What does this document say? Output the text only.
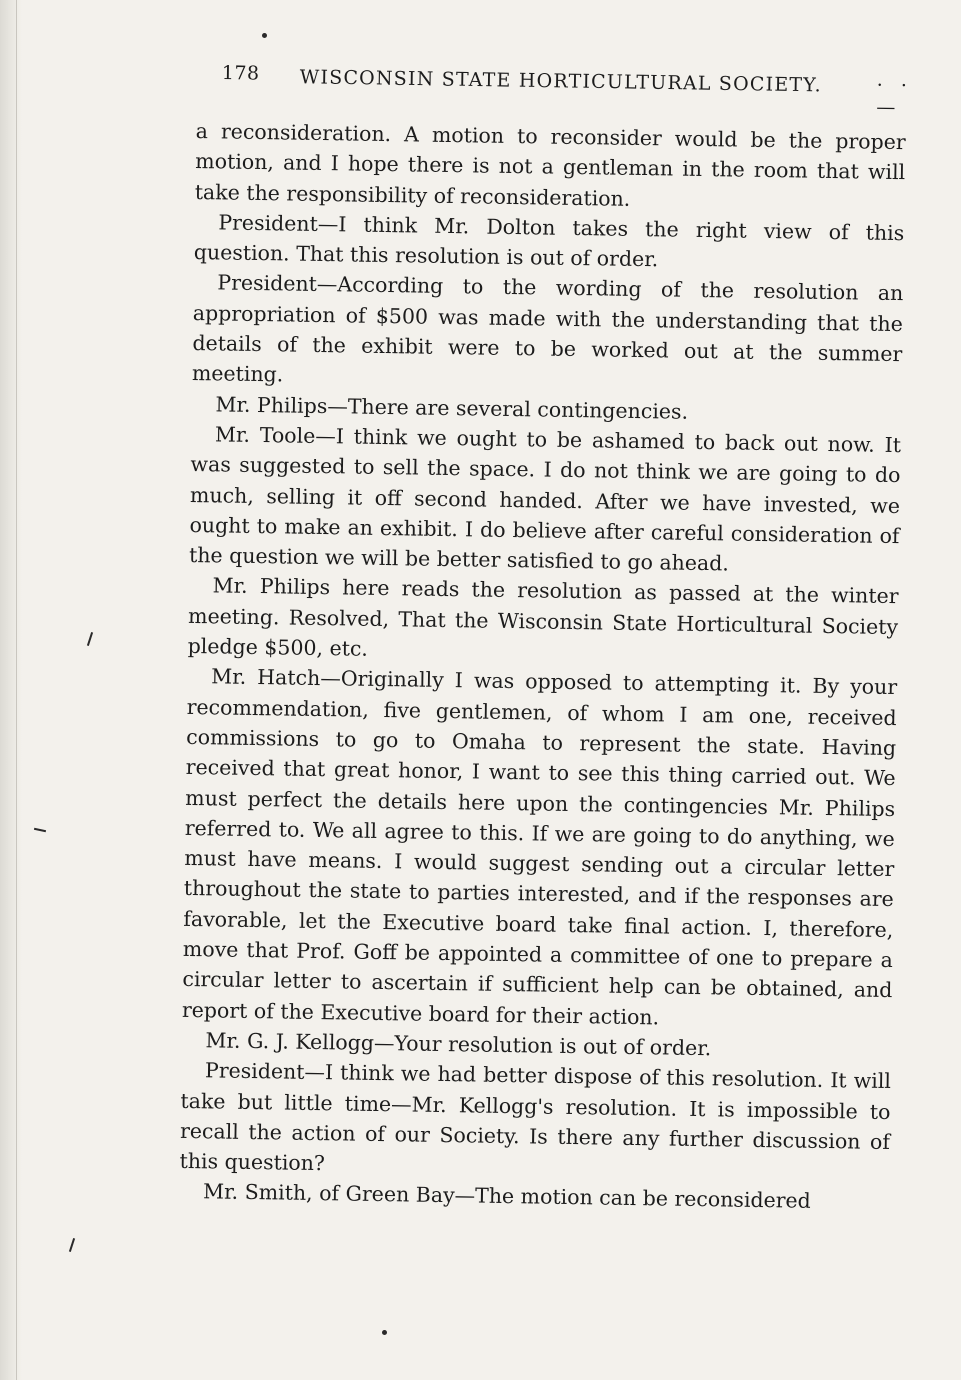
178 WISCONSIN STATE HORTICULTURAL SOCIETY.	· · —

a reconsideration. A motion to reconsider would be the proper motion, and I hope there is not a gentleman in the room that will take the responsibility of reconsideration.

President—I think Mr. Dolton takes the right view of this question. That this resolution is out of order.

President—According to the wording of the resolution an appropriation of $500 was made with the understanding that the details of the exhibit were to be worked out at the summer meeting.

Mr. Philips—There are several contingencies.

Mr. Toole—I think we ought to be ashamed to back out now. It was suggested to sell the space. I do not think we are going to do much, selling it off second handed. After we have invested, we ought to make an exhibit. I do believe after careful consideration of the question we will be better satisfied to go ahead.

Mr. Philips here reads the resolution as passed at the winter meeting. Resolved, That the Wisconsin State Horticultural Society pledge $500, etc.

Mr. Hatch—Originally I was opposed to attempting it. By your recommendation, five gentlemen, of whom I am one, received commissions to go to Omaha to represent the state. Having received that great honor, I want to see this thing carried out. We must perfect the details here upon the contingencies Mr. Philips referred to. We all agree to this. If we are going to do anything, we must have means. I would suggest sending out a circular letter throughout the state to parties interested, and if the responses are favorable, let the Executive board take final action. I, therefore, move that Prof. Goff be appointed a committee of one to prepare a circular letter to ascertain if sufficient help can be obtained, and report of the Executive board for their action.

Mr. G. J. Kellogg—Your resolution is out of order.

President—I think we had better dispose of this resolution. It will take but little time—Mr. Kellogg's resolution. It is impossible to recall the action of our Society. Is there any further discussion of this question?

Mr. Smith, of Green Bay—The motion can be reconsidered
